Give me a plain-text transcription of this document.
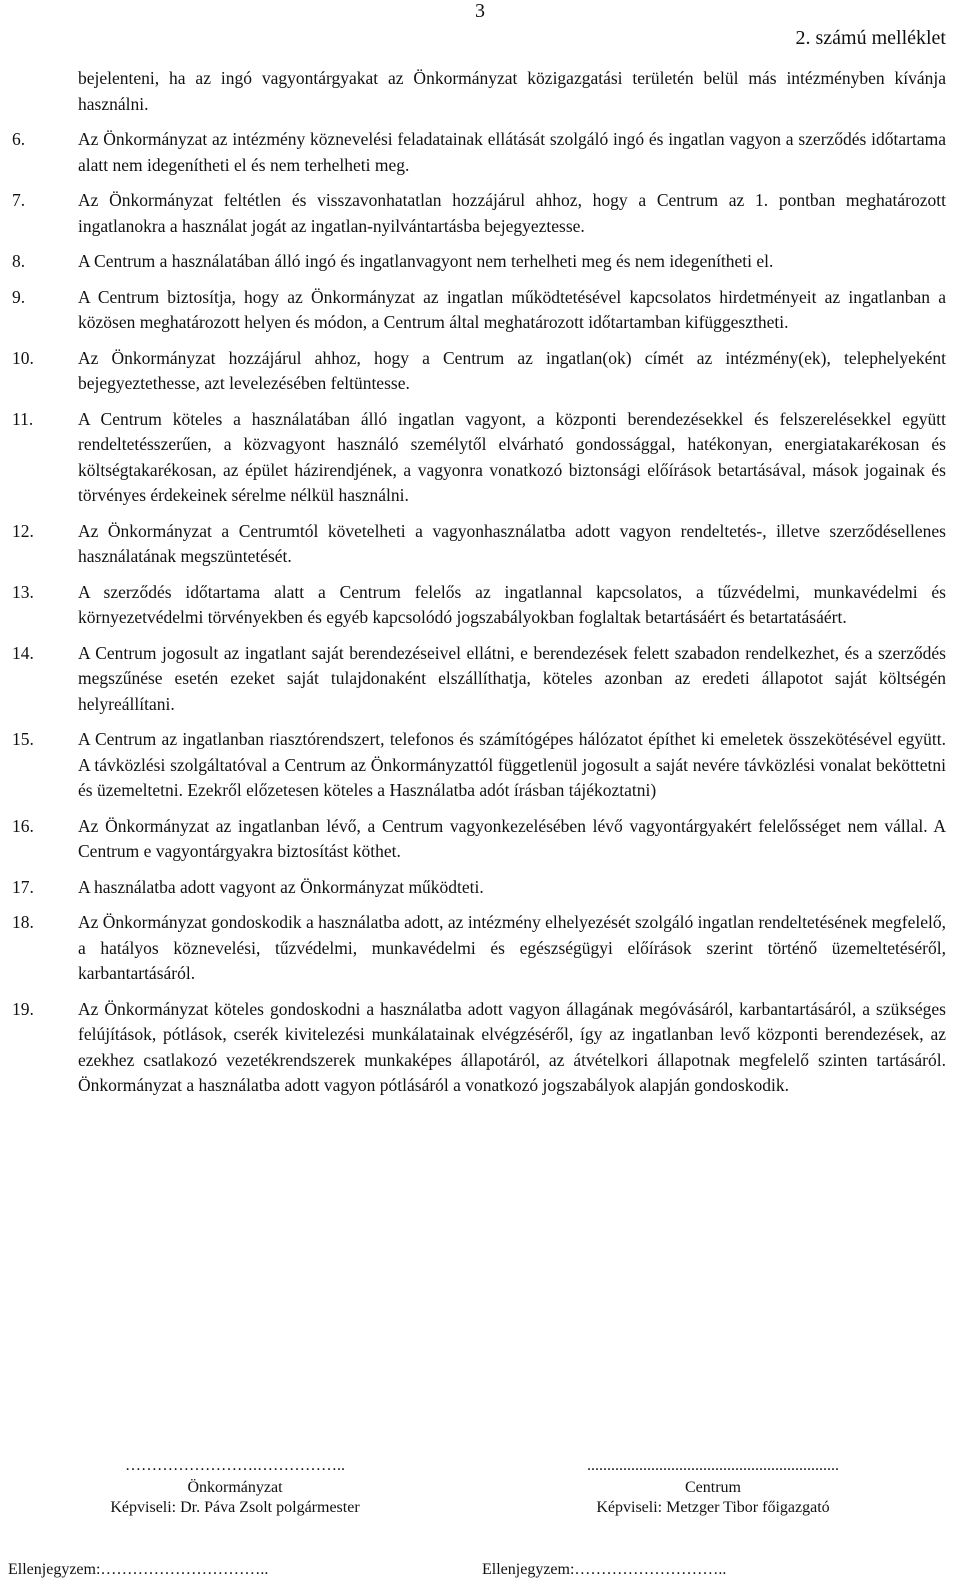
3
2. számú melléklet

bejelenteni, ha az ingó vagyontárgyakat az Önkormányzat közigazgatási területén belül más intézményben kívánja használni.

6.	Az Önkormányzat az intézmény köznevelési feladatainak ellátását szolgáló ingó és ingatlan vagyon a szerződés időtartama alatt nem idegenítheti el és nem terhelheti meg.
7.	Az Önkormányzat feltétlen és visszavonhatatlan hozzájárul ahhoz, hogy a Centrum az 1. pontban meghatározott ingatlanokra a használat jogát az ingatlan-nyilvántartásba bejegyeztesse.
8.	A Centrum a használatában álló ingó és ingatlanvagyont nem terhelheti meg és nem idegenítheti el.
9.	A Centrum biztosítja, hogy az Önkormányzat az ingatlan működtetésével kapcsolatos hirdetményeit az ingatlanban a közösen meghatározott helyen és módon, a Centrum által meghatározott időtartamban kifüggesztheti.
10.	Az Önkormányzat hozzájárul ahhoz, hogy a Centrum az ingatlan(ok) címét az intézmény(ek), telephelyeként bejegyeztethesse, azt levelezésében feltüntesse.
11.	A Centrum köteles a használatában álló ingatlan vagyont, a központi berendezésekkel és felszerelésekkel együtt rendeltetésszerűen, a közvagyont használó személytől elvárható gondossággal, hatékonyan, energiatakarékosan és költségtakarékosan, az épület házirendjének, a vagyonra vonatkozó biztonsági előírások betartásával, mások jogainak és törvényes érdekeinek sérelme nélkül használni.
12.	Az Önkormányzat a Centrumtól követelheti a vagyonhasználatba adott vagyon rendeltetés-, illetve szerződésellenes használatának megszüntetését.
13.	A szerződés időtartama alatt a Centrum felelős az ingatlannal kapcsolatos, a tűzvédelmi, munkavédelmi és környezetvédelmi törvényekben és egyéb kapcsolódó jogszabályokban foglaltak betartásáért és betartatásáért.
14.	A Centrum jogosult az ingatlant saját berendezéseivel ellátni, e berendezések felett szabadon rendelkezhet, és a szerződés megszűnése esetén ezeket saját tulajdonaként elszállíthatja, köteles azonban az eredeti állapotot saját költségén helyreállítani.
15.	A Centrum az ingatlanban riasztórendszert, telefonos és számítógépes hálózatot építhet ki emeletek összekötésével együtt. A távközlési szolgáltatóval a Centrum az Önkormányzattól függetlenül jogosult a saját nevére távközlési vonalat beköttetni és üzemeltetni. Ezekről előzetesen köteles a Használatba adót írásban tájékoztatni)
16.	Az Önkormányzat az ingatlanban lévő, a Centrum vagyonkezelésében lévő vagyontárgyakért felelősséget nem vállal. A Centrum e vagyontárgyakra biztosítást köthet.
17.	A használatba adott vagyont az Önkormányzat működteti.
18.	Az Önkormányzat gondoskodik a használatba adott, az intézmény elhelyezését szolgáló ingatlan rendeltetésének megfelelő, a hatályos köznevelési, tűzvédelmi, munkavédelmi és egészségügyi előírások szerint történő üzemeltetéséről, karbantartásáról.
19.	Az Önkormányzat köteles gondoskodni a használatba adott vagyon állagának megóvásáról, karbantartásáról, a szükséges felújítások, pótlások, cserék kivitelezési munkálatainak elvégzéséről, így az ingatlanban levő központi berendezések, az ezekhez csatlakozó vezetékrendszerek munkaképes állapotáról, az átvételkori állapotnak megfelelő szinten tartásáról. Önkormányzat a használatba adott vagyon pótlásáról a vonatkozó jogszabályok alapján gondoskodik.
…………………….……………..
Önkormányzat
Képviseli: Dr. Páva Zsolt polgármester
...............................................................
Centrum
Képviseli: Metzger Tibor főigazgató
Ellenjegyzem:…………………………..	Ellenjegyzem:………………………..
